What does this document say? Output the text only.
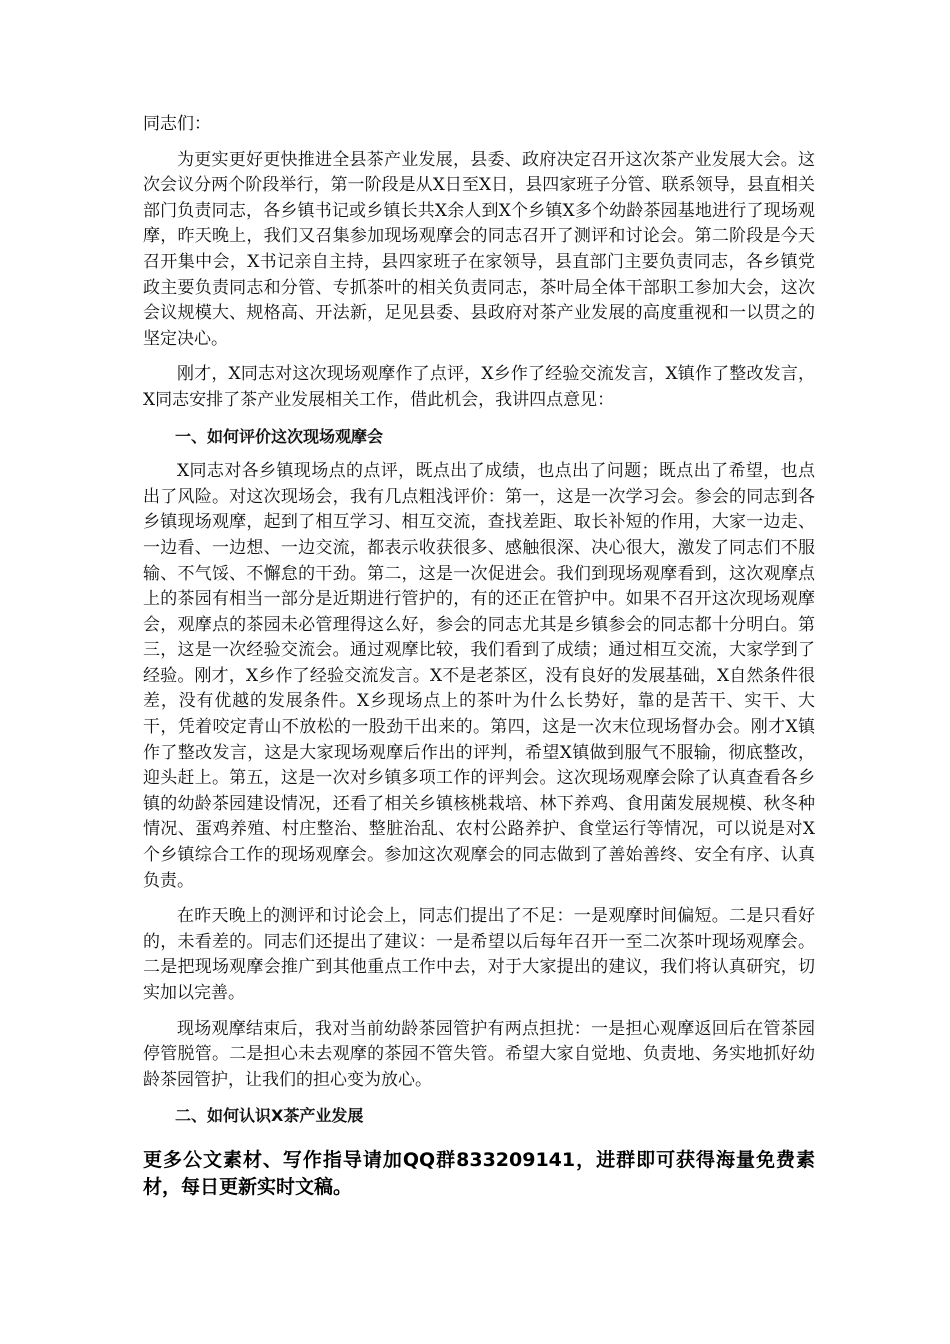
同志们：

为更实更好更快推进全县茶产业发展，县委、政府决定召开这次茶产业发展大会。这次会议分两个阶段举行，第一阶段是从X日至X日，县四家班子分管、联系领导，县直相关部门负责同志，各乡镇书记或乡镇长共X余人到X个乡镇X多个幼龄茶园基地进行了现场观摩，昨天晚上，我们又召集参加现场观摩会的同志召开了测评和讨论会。第二阶段是今天召开集中会，X书记亲自主持，县四家班子在家领导，县直部门主要负责同志，各乡镇党政主要负责同志和分管、专抓茶叶的相关负责同志，茶叶局全体干部职工参加大会，这次会议规模大、规格高、开法新，足见县委、县政府对茶产业发展的高度重视和一以贯之的坚定决心。

刚才，X同志对这次现场观摩作了点评，X乡作了经验交流发言，X镇作了整改发言，X同志安排了茶产业发展相关工作，借此机会，我讲四点意见：

一、如何评价这次现场观摩会

X同志对各乡镇现场点的点评，既点出了成绩，也点出了问题；既点出了希望，也点出了风险。对这次现场会，我有几点粗浅评价：第一，这是一次学习会。参会的同志到各乡镇现场观摩，起到了相互学习、相互交流，查找差距、取长补短的作用，大家一边走、一边看、一边想、一边交流，都表示收获很多、感触很深、决心很大，激发了同志们不服输、不气馁、不懈怠的干劲。第二，这是一次促进会。我们到现场观摩看到，这次观摩点上的茶园有相当一部分是近期进行管护的，有的还正在管护中。如果不召开这次现场观摩会，观摩点的茶园未必管理得这么好，参会的同志尤其是乡镇参会的同志都十分明白。第三，这是一次经验交流会。通过观摩比较，我们看到了成绩；通过相互交流，大家学到了经验。刚才，X乡作了经验交流发言。X不是老茶区，没有良好的发展基础，X自然条件很差，没有优越的发展条件。X乡现场点上的茶叶为什么长势好，靠的是苦干、实干、大干，凭着咬定青山不放松的一股劲干出来的。第四，这是一次末位现场督办会。刚才X镇作了整改发言，这是大家现场观摩后作出的评判，希望X镇做到服气不服输，彻底整改，迎头赶上。第五，这是一次对乡镇多项工作的评判会。这次现场观摩会除了认真查看各乡镇的幼龄茶园建设情况，还看了相关乡镇核桃栽培、林下养鸡、食用菌发展规模、秋冬种情况、蛋鸡养殖、村庄整治、整脏治乱、农村公路养护、食堂运行等情况，可以说是对X个乡镇综合工作的现场观摩会。参加这次观摩会的同志做到了善始善终、安全有序、认真负责。

在昨天晚上的测评和讨论会上，同志们提出了不足：一是观摩时间偏短。二是只看好的，未看差的。同志们还提出了建议：一是希望以后每年召开一至二次茶叶现场观摩会。二是把现场观摩会推广到其他重点工作中去，对于大家提出的建议，我们将认真研究，切实加以完善。

现场观摩结束后，我对当前幼龄茶园管护有两点担扰：一是担心观摩返回后在管茶园停管脱管。二是担心未去观摩的茶园不管失管。希望大家自觉地、负责地、务实地抓好幼龄茶园管护，让我们的担心变为放心。

二、如何认识X茶产业发展

更多公文素材、写作指导请加QQ群833209141，进群即可获得海量免费素材，每日更新实时文稿。
